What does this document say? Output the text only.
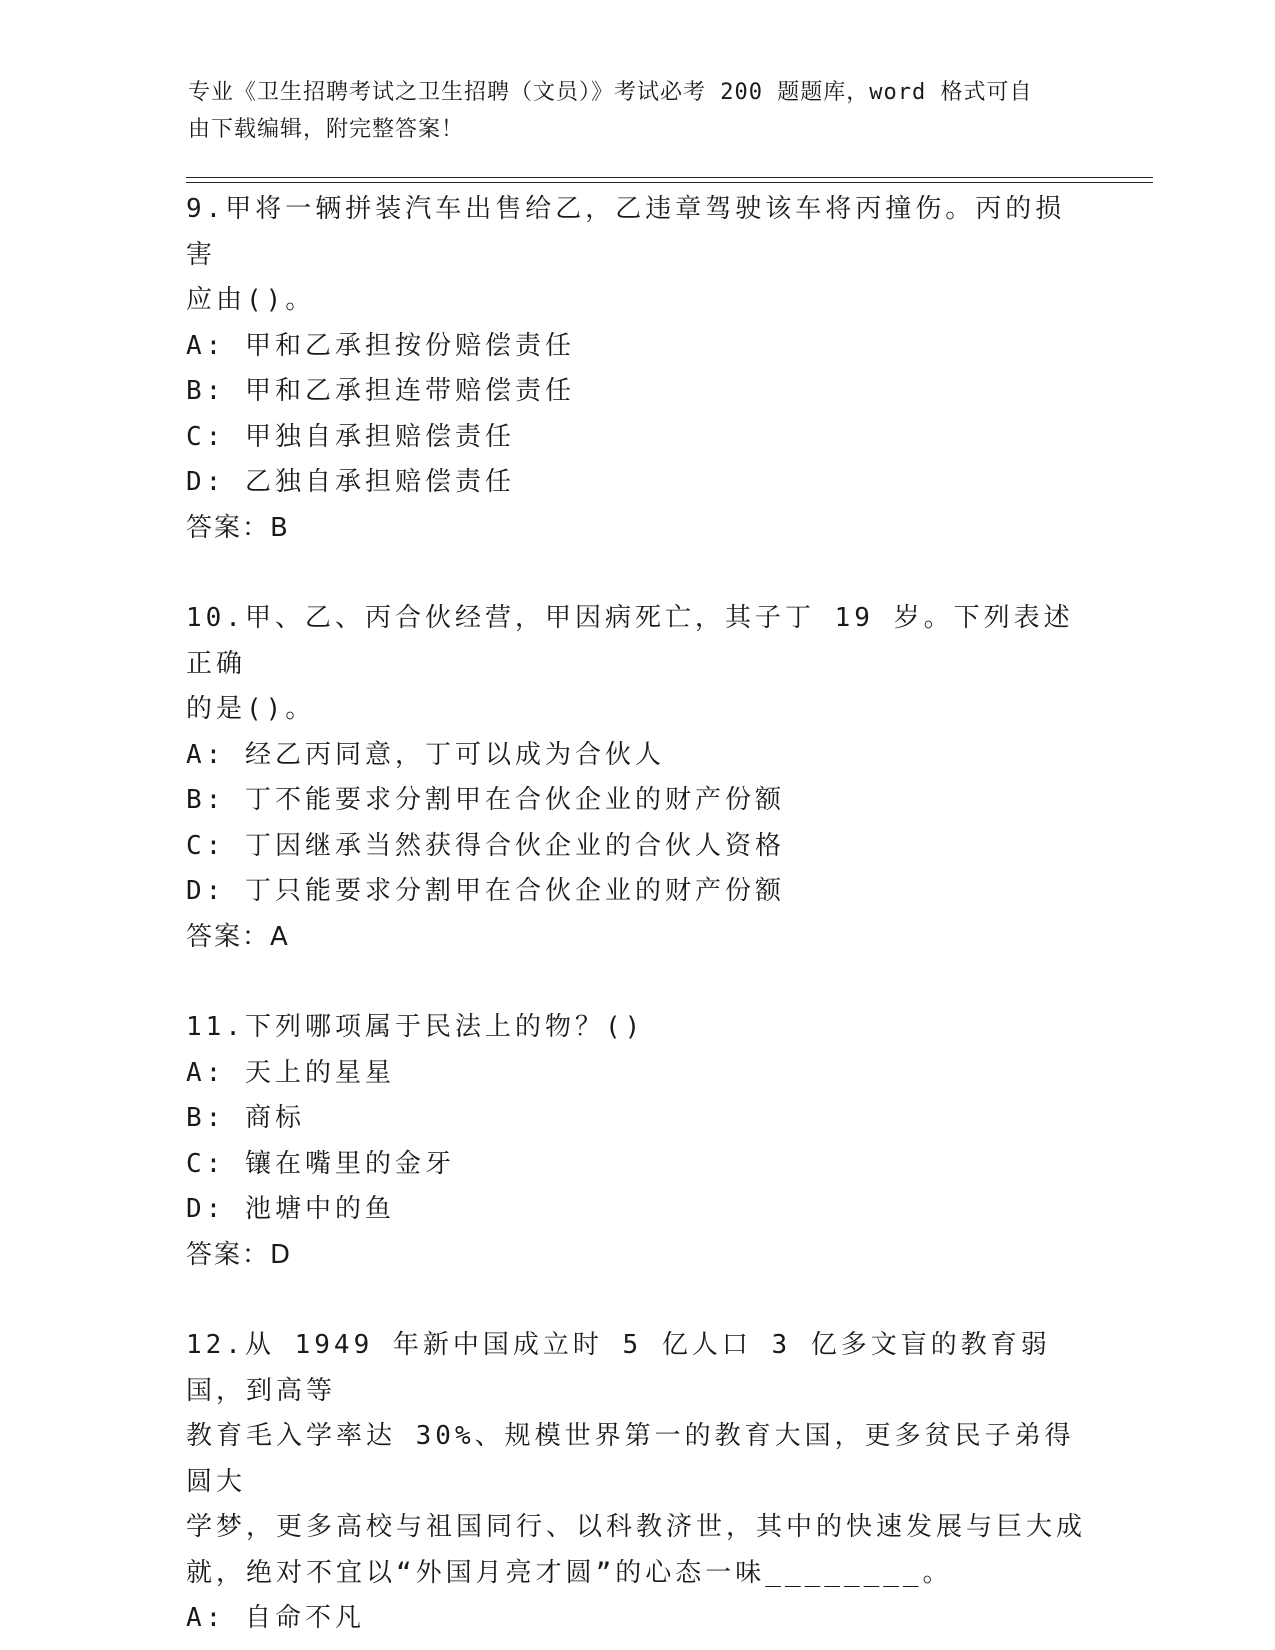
专业《卫生招聘考试之卫生招聘（文员）》考试必考 200 题题库，word 格式可自
由下载编辑，附完整答案！
9.甲将一辆拼装汽车出售给乙，乙违章驾驶该车将丙撞伤。丙的损害
应由()。
A: 甲和乙承担按份赔偿责任
B: 甲和乙承担连带赔偿责任
C: 甲独自承担赔偿责任
D: 乙独自承担赔偿责任
答案：B
10.甲、乙、丙合伙经营，甲因病死亡，其子丁 19 岁。下列表述正确
的是()。
A: 经乙丙同意，丁可以成为合伙人
B: 丁不能要求分割甲在合伙企业的财产份额
C: 丁因继承当然获得合伙企业的合伙人资格
D: 丁只能要求分割甲在合伙企业的财产份额
答案：A
11.下列哪项属于民法上的物？()
A: 天上的星星
B: 商标
C: 镶在嘴里的金牙
D: 池塘中的鱼
答案：D
12.从 1949 年新中国成立时 5 亿人口 3 亿多文盲的教育弱国，到高等
教育毛入学率达 30%、规模世界第一的教育大国，更多贫民子弟得圆大
学梦，更多高校与祖国同行、以科教济世，其中的快速发展与巨大成
就，绝对不宜以“外国月亮才圆”的心态一味________。
A: 自命不凡
